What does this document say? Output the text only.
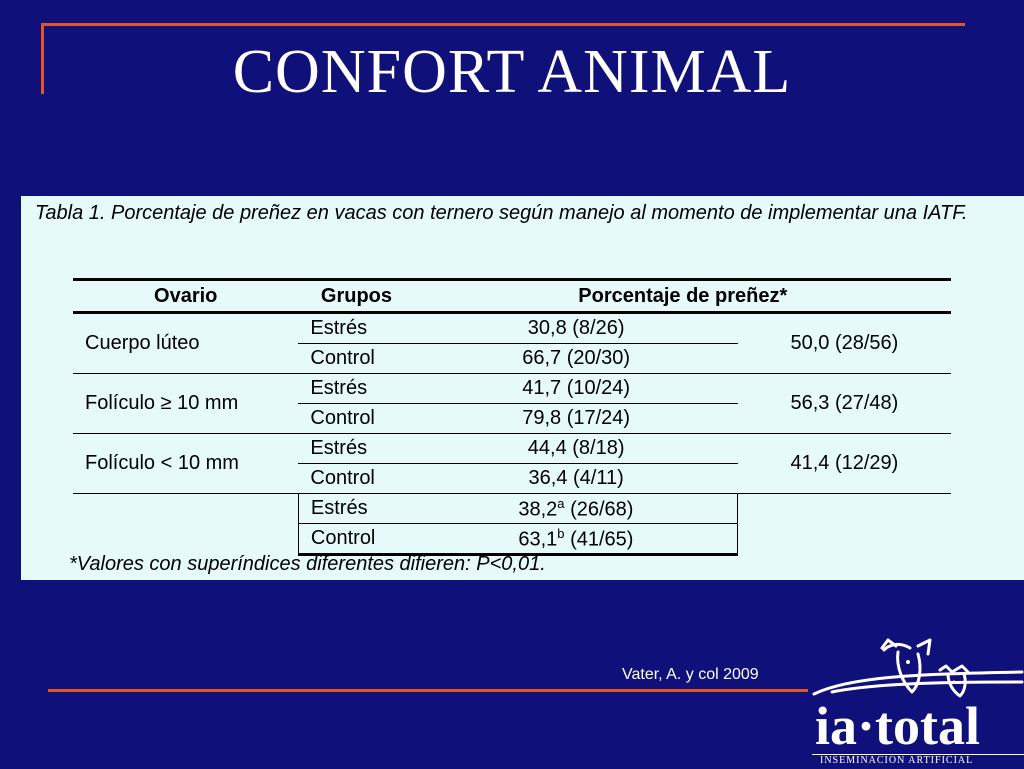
CONFORT ANIMAL
Tabla 1. Porcentaje de preñez en vacas con ternero según manejo al momento de implementar una IATF.
Ovario	Grupos	Porcentaje de preñez*	
Cuerpo lúteo	Estrés	30,8 (8/26)	50,0 (28/56)
	Control	66,7 (20/30)	
Folículo ≥ 10 mm	Estrés	41,7 (10/24)	56,3 (27/48)
	Control	79,8 (17/24)	
Folículo < 10 mm	Estrés	44,4 (8/18)	41,4 (12/29)
	Control	36,4 (4/11)	
	Estrés	38,2$^a$ (26/68)	
	Control	63,1$^b$ (41/65)	
*Valores con superíndices diferentes difieren: P<0,01.
Vater, A. y col 2009
ia·total
INSEMINACION ARTIFICIAL
